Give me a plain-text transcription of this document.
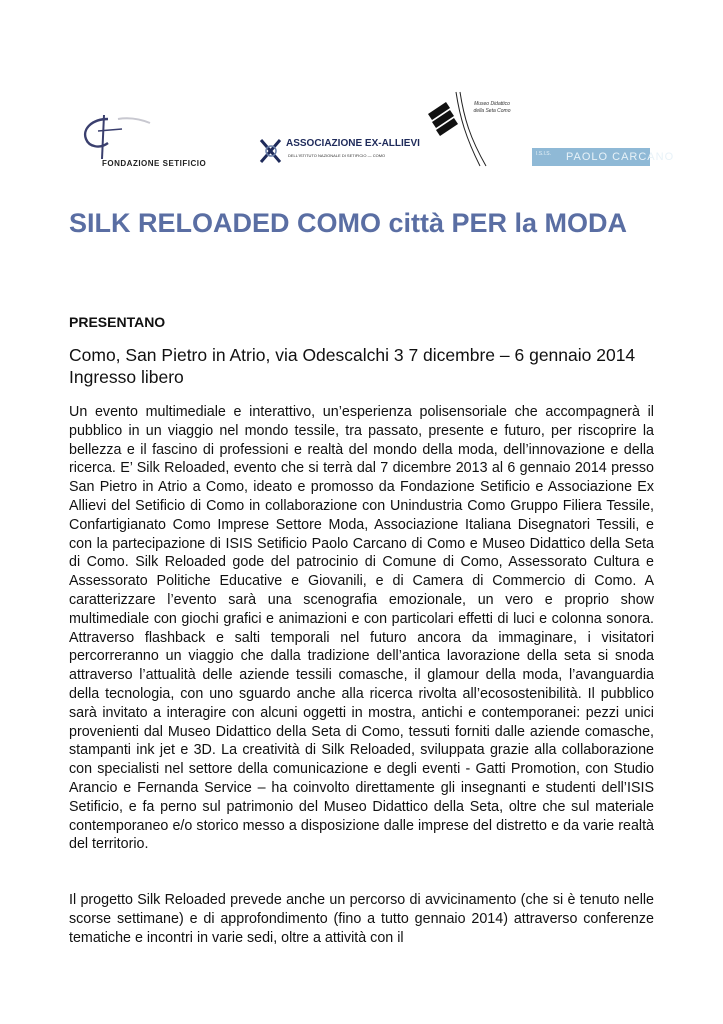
FONDAZIONE SETIFICIO
ASSOCIAZIONE EX-ALLIEVI
DELL'ISTITUTO NAZIONALE DI SETIFICIO — COMO
Museo Didattico della Seta Como
I.S.I.S. PAOLO CARCANO
SILK RELOADED COMO città PER la MODA

PRESENTANO

Como, San Pietro in Atrio, via Odescalchi 3 7 dicembre – 6 gennaio 2014 Ingresso libero

Un evento multimediale e interattivo, un’esperienza polisensoriale che accompagnerà il pubblico in un viaggio nel mondo tessile, tra passato, presente e futuro, per riscoprire la bellezza e il fascino di professioni e realtà del mondo della moda, dell’innovazione e della ricerca. E’ Silk Reloaded, evento che si terrà dal 7 dicembre 2013 al 6 gennaio 2014 presso San Pietro in Atrio a Como, ideato e promosso da Fondazione Setificio e Associazione Ex Allievi del Setificio di Como in collaborazione con Unindustria Como Gruppo Filiera Tessile, Confartigianato Como Imprese Settore Moda, Associazione Italiana Disegnatori Tessili, e con la partecipazione di ISIS Setificio Paolo Carcano di Como e Museo Didattico della Seta di Como. Silk Reloaded gode del patrocinio di Comune di Como, Assessorato Cultura e Assessorato Politiche Educative e Giovanili, e di Camera di Commercio di Como. A caratterizzare l’evento sarà una scenografia emozionale, un vero e proprio show multimediale con giochi grafici e animazioni e con particolari effetti di luci e colonna sonora. Attraverso flashback e salti temporali nel futuro ancora da immaginare, i visitatori percorreranno un viaggio che dalla tradizione dell’antica lavorazione della seta si snoda attraverso l’attualità delle aziende tessili comasche, il glamour della moda, l’avanguardia della tecnologia, con uno sguardo anche alla ricerca rivolta all’ecosostenibilità. Il pubblico sarà invitato a interagire con alcuni oggetti in mostra, antichi e contemporanei: pezzi unici provenienti dal Museo Didattico della Seta di Como, tessuti forniti dalle aziende comasche, stampanti ink jet e 3D. La creatività di Silk Reloaded, sviluppata grazie alla collaborazione con specialisti nel settore della comunicazione e degli eventi - Gatti Promotion, con Studio Arancio e Fernanda Service – ha coinvolto direttamente gli insegnanti e studenti dell’ISIS Setificio, e fa perno sul patrimonio del Museo Didattico della Seta, oltre che sul materiale contemporaneo e/o storico messo a disposizione dalle imprese del distretto e da varie realtà del territorio.

Il progetto Silk Reloaded prevede anche un percorso di avvicinamento (che si è tenuto nelle scorse settimane) e di approfondimento (fino a tutto gennaio 2014) attraverso conferenze tematiche e incontri in varie sedi, oltre a attività con il
